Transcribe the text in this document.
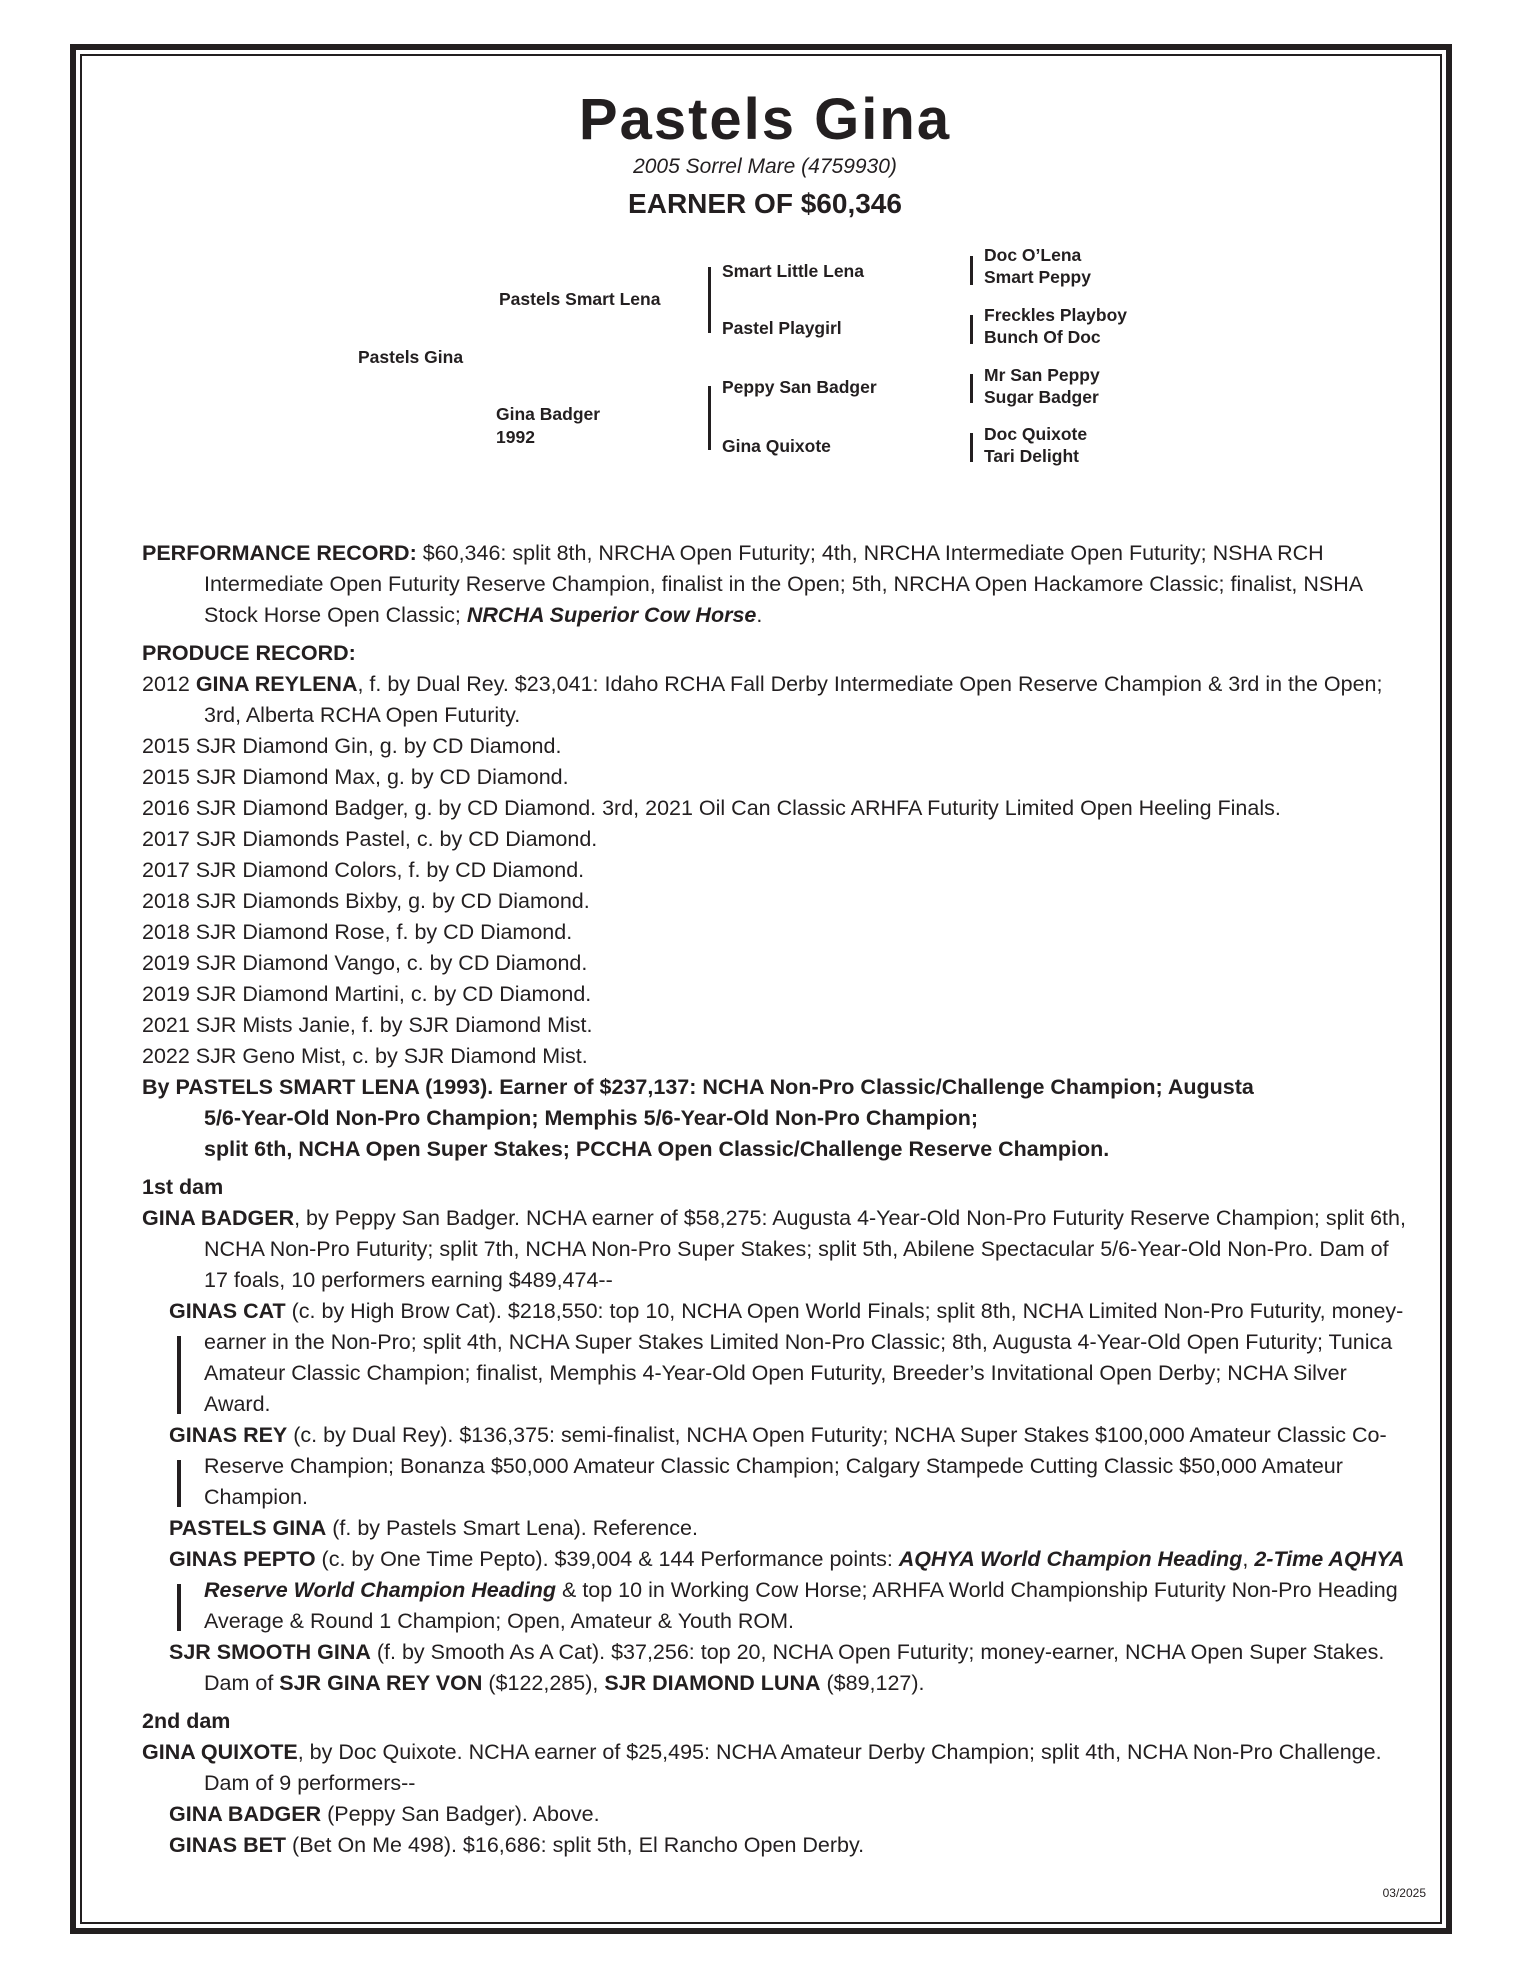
Pastels Gina
2005 Sorrel Mare (4759930)
EARNER OF $60,346
Pastels Gina
Pastels Smart Lena
Gina Badger
1992
Smart Little Lena
Pastel Playgirl
Peppy San Badger
Gina Quixote
Doc O’Lena
Smart Peppy
Freckles Playboy
Bunch Of Doc
Mr San Peppy
Sugar Badger
Doc Quixote
Tari Delight

PERFORMANCE RECORD: $60,346: split 8th, NRCHA Open Futurity; 4th, NRCHA Intermediate Open Futurity; NSHA RCH Intermediate Open Futurity Reserve Champion, finalist in the Open; 5th, NRCHA Open Hackamore Classic; finalist, NSHA Stock Horse Open Classic; NRCHA Superior Cow Horse.

PRODUCE RECORD:

2012 GINA REYLENA, f. by Dual Rey. $23,041: Idaho RCHA Fall Derby Intermediate Open Reserve Champion & 3rd in the Open; 3rd, Alberta RCHA Open Futurity.

2015 SJR Diamond Gin, g. by CD Diamond.

2015 SJR Diamond Max, g. by CD Diamond.

2016 SJR Diamond Badger, g. by CD Diamond. 3rd, 2021 Oil Can Classic ARHFA Futurity Limited Open Heeling Finals.

2017 SJR Diamonds Pastel, c. by CD Diamond.

2017 SJR Diamond Colors, f. by CD Diamond.

2018 SJR Diamonds Bixby, g. by CD Diamond.

2018 SJR Diamond Rose, f. by CD Diamond.

2019 SJR Diamond Vango, c. by CD Diamond.

2019 SJR Diamond Martini, c. by CD Diamond.

2021 SJR Mists Janie, f. by SJR Diamond Mist.

2022 SJR Geno Mist, c. by SJR Diamond Mist.

By PASTELS SMART LENA (1993). Earner of $237,137: NCHA Non-Pro Classic/Challenge Champion; Augusta
5/6-Year-Old Non-Pro Champion; Memphis 5/6-Year-Old Non-Pro Champion;
split 6th, NCHA Open Super Stakes; PCCHA Open Classic/Challenge Reserve Champion.

1st dam

GINA BADGER, by Peppy San Badger. NCHA earner of $58,275: Augusta 4-Year-Old Non-Pro Futurity Reserve Champion; split 6th, NCHA Non-Pro Futurity; split 7th, NCHA Non-Pro Super Stakes; split 5th, Abilene Spectacular 5/6-Year-Old Non-Pro. Dam of 17 foals, 10 performers earning $489,474--

GINAS CAT (c. by High Brow Cat). $218,550: top 10, NCHA Open World Finals; split 8th, NCHA Limited Non-Pro Futurity, money-earner in the Non-Pro; split 4th, NCHA Super Stakes Limited Non-Pro Classic; 8th, Augusta 4-Year-Old Open Futurity; Tunica Amateur Classic Champion; finalist, Memphis 4-Year-Old Open Futurity, Breeder’s Invitational Open Derby; NCHA Silver Award.

GINAS REY (c. by Dual Rey). $136,375: semi-finalist, NCHA Open Futurity; NCHA Super Stakes $100,000 Amateur Classic Co-Reserve Champion; Bonanza $50,000 Amateur Classic Champion; Calgary Stampede Cutting Classic $50,000 Amateur Champion.

PASTELS GINA (f. by Pastels Smart Lena). Reference.

GINAS PEPTO (c. by One Time Pepto). $39,004 & 144 Performance points: AQHYA World Champion Heading, 2-Time AQHYA Reserve World Champion Heading & top 10 in Working Cow Horse; ARHFA World Championship Futurity Non-Pro Heading Average & Round 1 Champion; Open, Amateur & Youth ROM.

SJR SMOOTH GINA (f. by Smooth As A Cat). $37,256: top 20, NCHA Open Futurity; money-earner, NCHA Open Super Stakes. Dam of SJR GINA REY VON ($122,285), SJR DIAMOND LUNA ($89,127).

2nd dam

GINA QUIXOTE, by Doc Quixote. NCHA earner of $25,495: NCHA Amateur Derby Champion; split 4th, NCHA Non-Pro Challenge. Dam of 9 performers--

GINA BADGER (Peppy San Badger). Above.

GINAS BET (Bet On Me 498). $16,686: split 5th, El Rancho Open Derby.

03/2025
